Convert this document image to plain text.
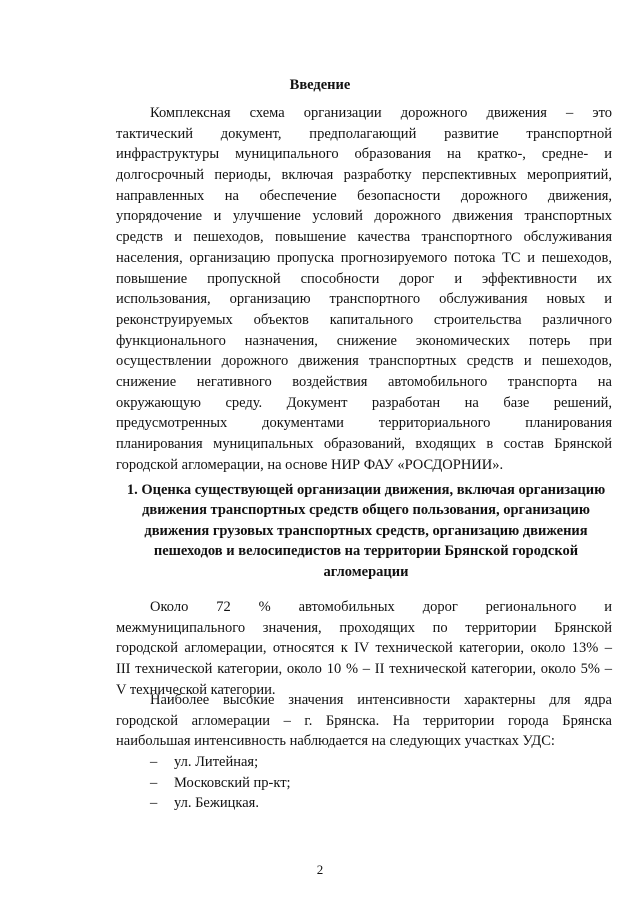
Введение

Комплексная схема организации дорожного движения – это
тактический документ, предполагающий развитие транспортной
инфраструктуры муниципального образования на кратко-, средне- и
долгосрочный периоды, включая разработку перспективных мероприятий,
направленных на обеспечение безопасности дорожного движения,
упорядочение и улучшение условий дорожного движения транспортных
средств и пешеходов, повышение качества транспортного обслуживания
населения, организацию пропуска прогнозируемого потока ТС и пешеходов,
повышение пропускной способности дорог и эффективности их
использования, организацию транспортного обслуживания новых и
реконструируемых объектов капитального строительства различного
функционального назначения, снижение экономических потерь при
осуществлении дорожного движения транспортных средств и пешеходов,
снижение негативного воздействия автомобильного транспорта на
окружающую среду. Документ разработан на базе решений,
предусмотренных документами территориального планирования
планирования муниципальных образований, входящих в состав Брянской
городской агломерации, на основе НИР ФАУ «РОСДОРНИИ».
1. Оценка существующей организации движения, включая организацию
движения транспортных средств общего пользования, организацию
движения грузовых транспортных средств, организацию движения
пешеходов и велосипедистов на территории Брянской городской
агломерации
Около 72 % автомобильных дорог регионального и
межмуниципального значения, проходящих по территории Брянской
городской агломерации, относятся к IV технической категории, около 13% –
III технической категории, около 10 % – II технической категории, около 5% –
V технической категории.
Наиболее высокие значения интенсивности характерны для ядра
городской агломерации – г. Брянска. На территории города Брянска
наибольшая интенсивность наблюдается на следующих участках УДС:
– ул. Литейная;
– Московский пр-кт;
– ул. Бежицкая.
2
